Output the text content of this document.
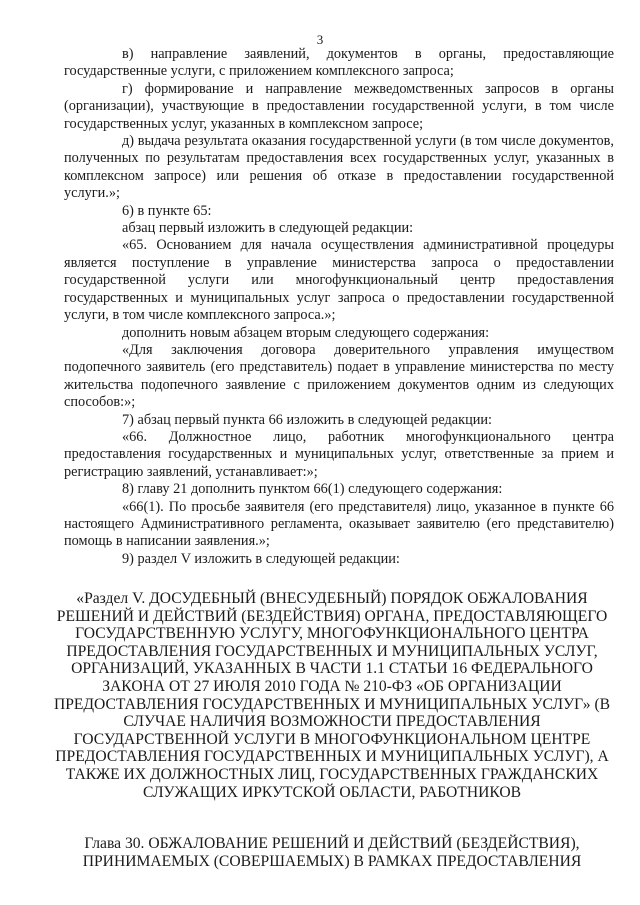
3

в) направление заявлений, документов в органы, предоставляющие государственные услуги, с приложением комплексного запроса;

г) формирование и направление межведомственных запросов в органы (организации), участвующие в предоставлении государственной услуги, в том числе государственных услуг, указанных в комплексном запросе;

д) выдача результата оказания государственной услуги (в том числе документов, полученных по результатам предоставления всех государственных услуг, указанных в комплексном запросе) или решения об отказе в предоставлении государственной услуги.»;

6) в пункте 65:

абзац первый изложить в следующей редакции:

«65. Основанием для начала осуществления административной процедуры является поступление в управление министерства запроса о предоставлении государственной услуги или многофункциональный центр предоставления государственных и муниципальных услуг запроса о предоставлении государственной услуги, в том числе комплексного запроса.»;

дополнить новым абзацем вторым следующего содержания:

«Для заключения договора доверительного управления имуществом подопечного заявитель (его представитель) подает в управление министерства по месту жительства подопечного заявление с приложением документов одним из следующих способов:»;

7) абзац первый пункта 66 изложить в следующей редакции:

«66. Должностное лицо, работник многофункционального центра предоставления государственных и муниципальных услуг, ответственные за прием и регистрацию заявлений, устанавливает:»;

8) главу 21 дополнить пунктом 66(1) следующего содержания:

«66(1). По просьбе заявителя (его представителя) лицо, указанное в пункте 66 настоящего Административного регламента, оказывает заявителю (его представителю) помощь в написании заявления.»;

9) раздел V изложить в следующей редакции:

«Раздел V. ДОСУДЕБНЫЙ (ВНЕСУДЕБНЫЙ) ПОРЯДОК ОБЖАЛОВАНИЯ РЕШЕНИЙ И ДЕЙСТВИЙ (БЕЗДЕЙСТВИЯ) ОРГАНА, ПРЕДОСТАВЛЯЮЩЕГО ГОСУДАРСТВЕННУЮ УСЛУГУ, МНОГОФУНКЦИОНАЛЬНОГО ЦЕНТРА ПРЕДОСТАВЛЕНИЯ ГОСУДАРСТВЕННЫХ И МУНИЦИПАЛЬНЫХ УСЛУГ, ОРГАНИЗАЦИЙ, УКАЗАННЫХ В ЧАСТИ 1.1 СТАТЬИ 16 ФЕДЕРАЛЬНОГО ЗАКОНА ОТ 27 ИЮЛЯ 2010 ГОДА № 210-ФЗ «ОБ ОРГАНИЗАЦИИ ПРЕДОСТАВЛЕНИЯ ГОСУДАРСТВЕННЫХ И МУНИЦИПАЛЬНЫХ УСЛУГ» (В СЛУЧАЕ НАЛИЧИЯ ВОЗМОЖНОСТИ ПРЕДОСТАВЛЕНИЯ ГОСУДАРСТВЕННОЙ УСЛУГИ В МНОГОФУНКЦИОНАЛЬНОМ ЦЕНТРЕ ПРЕДОСТАВЛЕНИЯ ГОСУДАРСТВЕННЫХ И МУНИЦИПАЛЬНЫХ УСЛУГ), А ТАКЖЕ ИХ ДОЛЖНОСТНЫХ ЛИЦ, ГОСУДАРСТВЕННЫХ ГРАЖДАНСКИХ СЛУЖАЩИХ ИРКУТСКОЙ ОБЛАСТИ, РАБОТНИКОВ
Глава 30. ОБЖАЛОВАНИЕ РЕШЕНИЙ И ДЕЙСТВИЙ (БЕЗДЕЙСТВИЯ), ПРИНИМАЕМЫХ (СОВЕРШАЕМЫХ) В РАМКАХ ПРЕДОСТАВЛЕНИЯ
